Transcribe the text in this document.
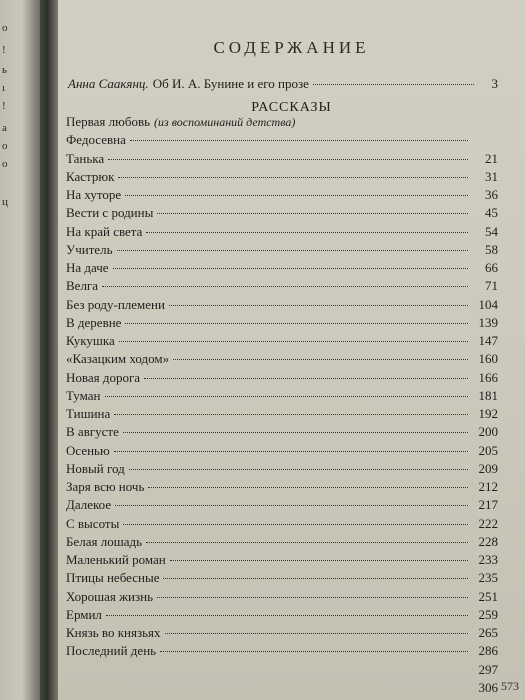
о
!
ь
ı
!
а
о
о
ц
СОДЕРЖАНИЕ
Анна Саакянц. Об И. А. Бунине и его прозе	3
РАССКАЗЫ
Первая любовь (из воспоминаний детства)
Федосевна
Танька	21
Кастрюк	31
На хуторе	36
Вести с родины	45
На край света	54
Учитель	58
На даче	66
Велга	71
Без роду-племени	104
В деревне	139
Кукушка	147
«Казацким ходом»	160
Новая дорога	166
Туман	181
Тишина	192
В августе	200
Осенью	205
Новый год	209
Заря всю ночь	212
Далекое	217
С высоты	222
Белая лошадь	228
Маленький роман	233
Птицы небесные	235
Хорошая жизнь	251
Ермил	259
Князь во князьях	265
Последний день	286
297
306 573
